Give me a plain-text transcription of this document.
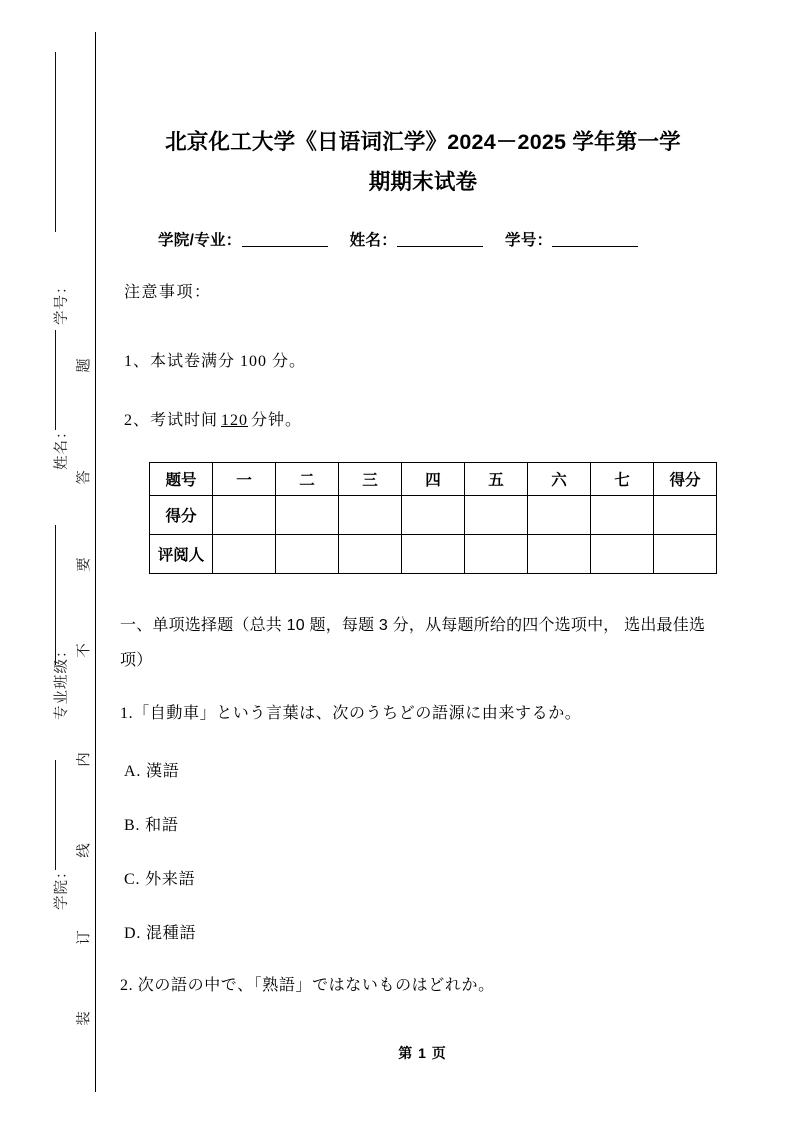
学号：
姓名：
专业班级：
学院：
题
答
要
不
内
线
订
装
北京化工大学《日语词汇学》2024－2025 学年第一学
期期末试卷
学院/专业：	姓名：	学号：
注意事项：
1、本试卷满分 100 分。
2、考试时间 120 分钟。
题号	一	二	三	四	五	六	七	得分
得分								
评阅人								
一、单项选择题（总共 10 题，每题 3 分，从每题所给的四个选项中， 选出最佳选项）
1.「自動車」という言葉は、次のうちどの語源に由来するか。
A. 漢語
B. 和語
C. 外来語
D. 混種語
2. 次の語の中で、「熟語」ではないものはどれか。
第 1 页
